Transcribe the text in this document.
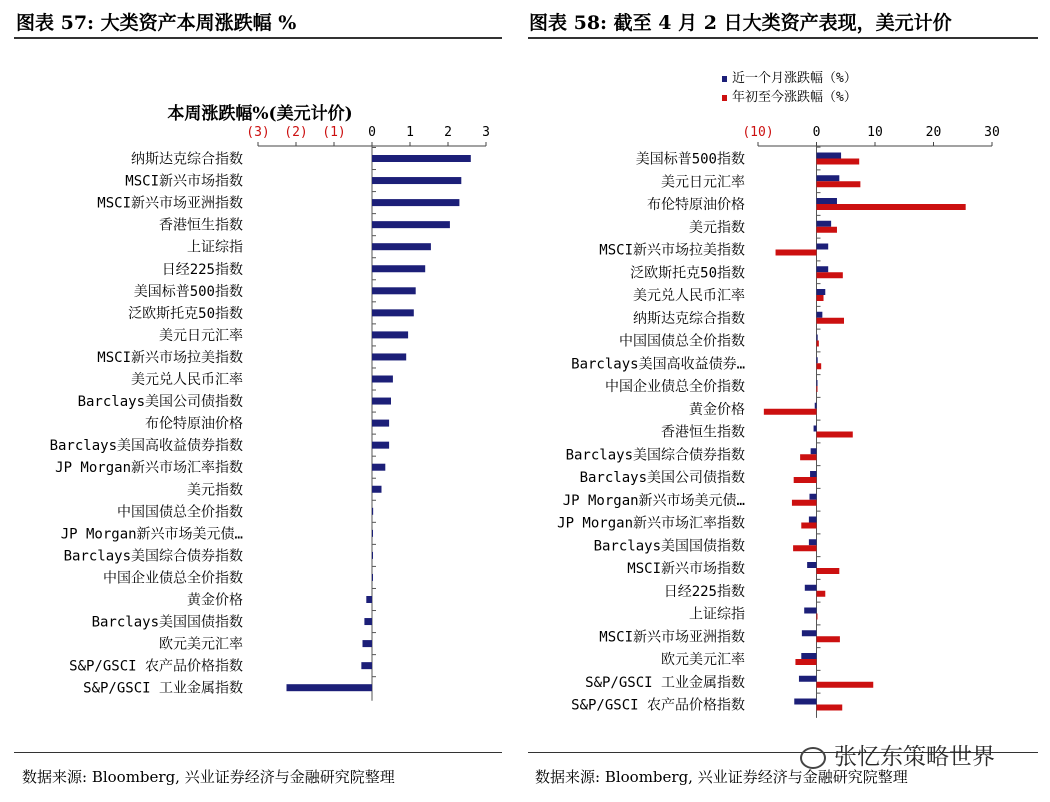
图表 57: 大类资产本周涨跌幅 %	图表 58: 截至 4 月 2 日大类资产表现，美元计价
(3) (2) (1) 0 1 2 3
本周涨跌幅%(美元计价)
纳斯达克综合指数
MSCI新兴市场指数
MSCI新兴市场亚洲指数
香港恒生指数
上证综指
日经225指数
美国标普500指数
泛欧斯托克50指数
美元日元汇率
MSCI新兴市场拉美指数
美元兑人民币汇率
Barclays美国公司债指数
布伦特原油价格
Barclays美国高收益债券指数
JP Morgan新兴市场汇率指数
美元指数
中国国债总全价指数
JP Morgan新兴市场美元债…
Barclays美国综合债券指数
中国企业债总全价指数
黄金价格
Barclays美国国债指数
欧元美元汇率
S&P/GSCI 农产品价格指数
S&P/GSCI 工业金属指数
(10)	0	10	20	30
近一个月涨跌幅（%）
年初至今涨跌幅（%）
美国标普500指数
美元日元汇率
布伦特原油价格
美元指数
MSCI新兴市场拉美指数
泛欧斯托克50指数
美元兑人民币汇率
纳斯达克综合指数
中国国债总全价指数
Barclays美国高收益债券…
中国企业债总全价指数
黄金价格
香港恒生指数
Barclays美国综合债券指数
Barclays美国公司债指数
JP Morgan新兴市场美元债…
JP Morgan新兴市场汇率指数
Barclays美国国债指数
MSCI新兴市场指数
日经225指数
上证综指
MSCI新兴市场亚洲指数
欧元美元汇率
S&P/GSCI 工业金属指数
S&P/GSCI 农产品价格指数
数据来源: Bloomberg, 兴业证券经济与金融研究院整理	数据来源: Bloomberg, 兴业证券经济与金融研究院整理
张忆东策略世界
